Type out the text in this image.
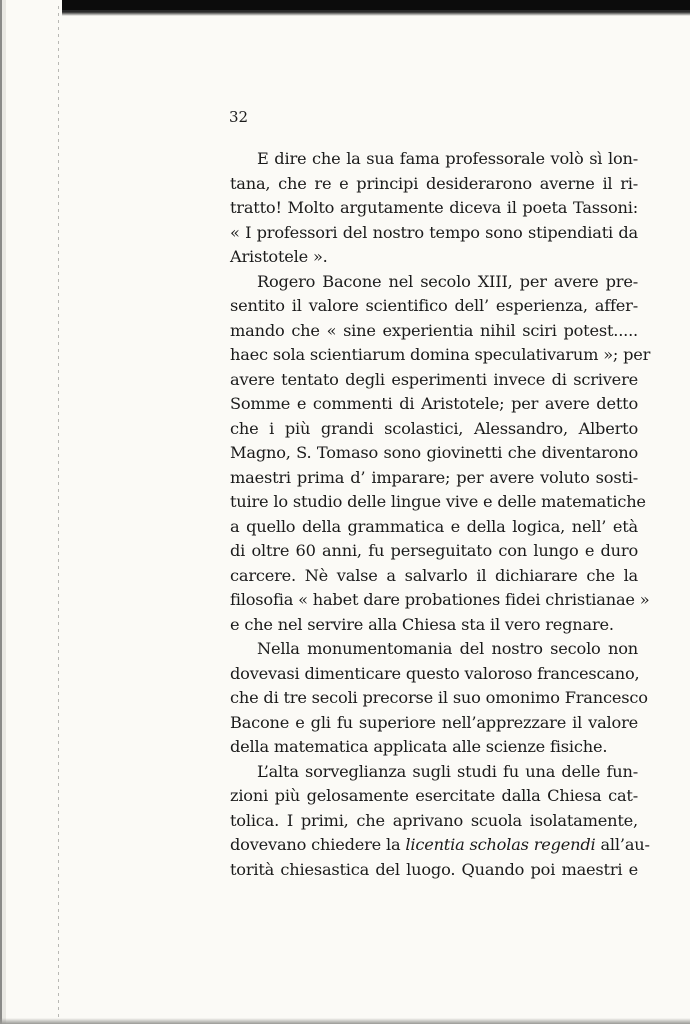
32
E dire che la sua fama professorale volò sì lon-
tana, che re e principi desiderarono averne il ri-
tratto! Molto argutamente diceva il poeta Tassoni:
« I professori del nostro tempo sono stipendiati da
Aristotele ».
Rogero Bacone nel secolo XIII, per avere pre-
sentito il valore scientifico dell’ esperienza, affer-
mando che « sine experientia nihil sciri potest.....
haec sola scientiarum domina speculativarum »; per
avere tentato degli esperimenti invece di scrivere
Somme e commenti di Aristotele; per avere detto
che i più grandi scolastici, Alessandro, Alberto
Magno, S. Tomaso sono giovinetti che diventarono
maestri prima d’ imparare; per avere voluto sosti-
tuire lo studio delle lingue vive e delle matematiche
a quello della grammatica e della logica, nell’ età
di oltre 60 anni, fu perseguitato con lungo e duro
carcere. Nè valse a salvarlo il dichiarare che la
filosofia « habet dare probationes fidei christianae »
e che nel servire alla Chiesa sta il vero regnare.
Nella monumentomania del nostro secolo non
dovevasi dimenticare questo valoroso francescano,
che di tre secoli precorse il suo omonimo Francesco
Bacone e gli fu superiore nell’apprezzare il valore
della matematica applicata alle scienze fisiche.
L’alta sorveglianza sugli studi fu una delle fun-
zioni più gelosamente esercitate dalla Chiesa cat-
tolica. I primi, che aprivano scuola isolatamente,
dovevano chiedere la licentia scholas regendi all’au-
torità chiesastica del luogo. Quando poi maestri e
